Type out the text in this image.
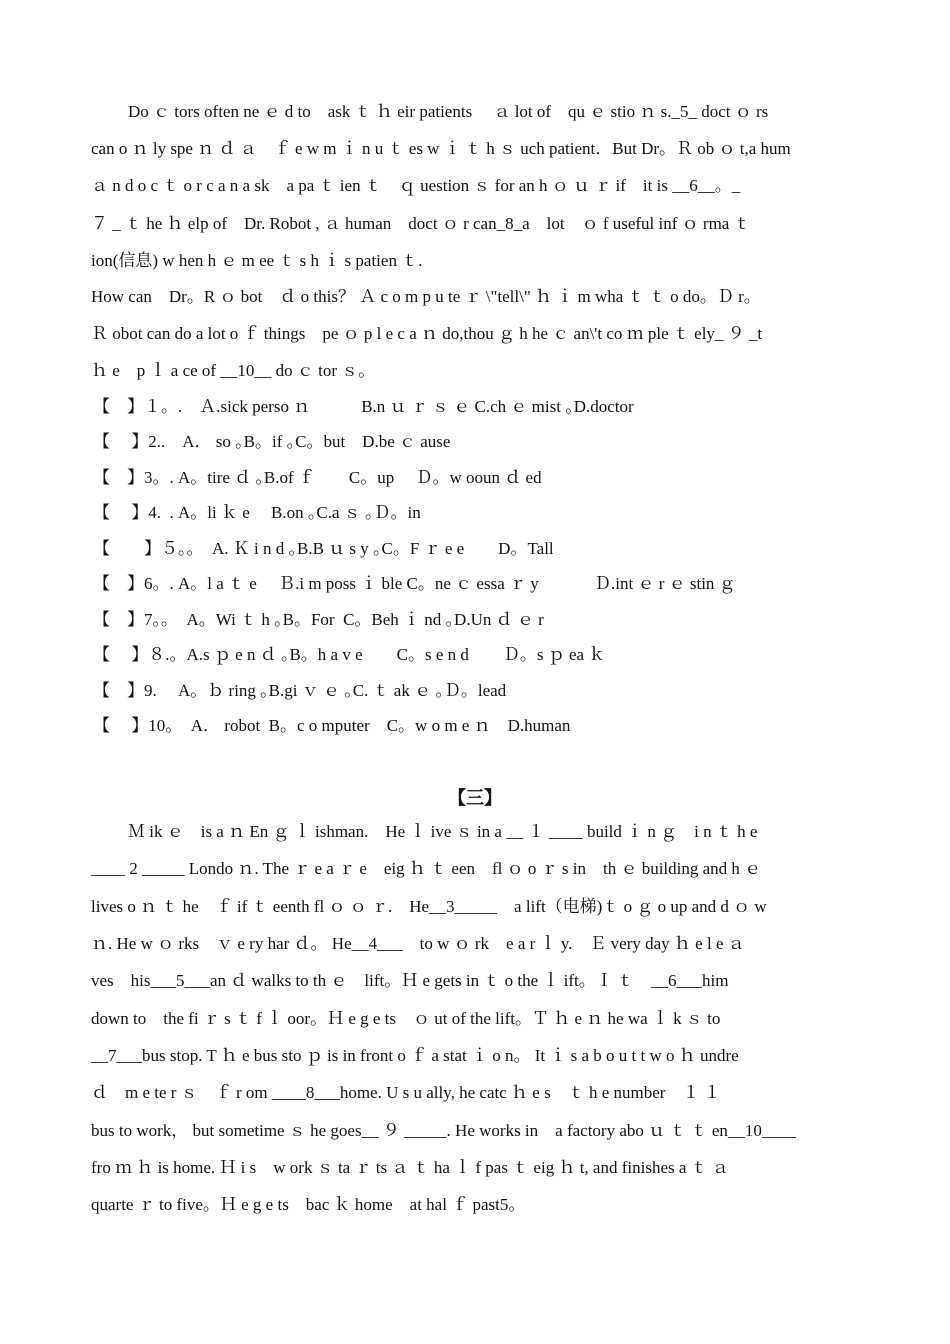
Do ｃ tors often ne ｅ d to　ask ｔ ｈ eir patients　 ａ lot of　qu ｅ stio ｎ s._5_ doct ｏ rs
can o ｎ ly spe ｎ ｄ ａ　ｆ e w m ｉ n u ｔ es w ｉ ｔ h ｓ uch patient．But Dr。Ｒ ob ｏ t,a hum
ａ n d o c ｔ o r c a n a sk　a pa ｔ ien ｔ　ｑ uestion ｓ for an h ｏ ｕ ｒ if　it is __6__。_
７ _ ｔ he ｈ elp of　Dr. Robot , ａ human　doct ｏ r can_8_a　lot　ｏ f useful inf ｏ rma ｔ
ion(信息) w hen h ｅ m ee ｔ s h ｉ s patien ｔ.
How can　Dr。R ｏ bot　ｄ o this？ Ａ c o m p u te ｒ \"tell\" ｈ ｉ m wha ｔ ｔ o do。Ｄ r。
Ｒ obot can do a lot o ｆ things　pe ｏ p l e c a ｎ do,thou ｇ h he ｃ an\'t co ｍ ple ｔ ely_ ９ _t
ｈ e　p ｌ a ce of __10__ do ｃ tor ｓ。
【　】１。.　Ａ.sick perso ｎ　　　B.n ｕ ｒ ｓ ｅ C.ch ｅ mist ｡D.doctor
【　 】2..　A． so ｡B。if ｡C。but　D.be ｃ ause
【　】3。. A。tire ｄ ｡B.of ｆ　　C。up　 Ｄ。w ooun ｄ ed
【　 】4.  . A。li ｋ e　 B.on ｡C.a ｓ ｡Ｄ。in
【　　】５。。　A. Ｋ i n d ｡B.B ｕ s y ｡C。F ｒ e e　　D。Tall
【　】6。. A。l a ｔ e　 Ｂ.i m poss ｉ ble C。ne ｃ essa ｒ y　　　 Ｄ.int ｅ r ｅ stin ｇ
【　】7。。　A。Wi ｔ h ｡B。For  C。Beh ｉ nd ｡D.Un ｄ ｅ r
【　 】８.。A.s ｐ e n ｄ ｡B。h a v e　　C。s e n d　　Ｄ。s ｐ ea ｋ
【　】9.　 A。ｂ ring ｡B.gi ｖ ｅ ｡C. ｔ ak ｅ ｡Ｄ。lead
【　 】10。　A． robot  B。c o mputer　C。w o m e ｎ　D.human
【三】
Ｍ ik ｅ　is a ｎ En ｇ ｌ ishman.　He ｌ ive ｓ in a __ １ ____ build ｉ n ｇ　i n ｔ h e
____ 2 _____ Londo ｎ. The ｒ e a ｒ e　eig ｈ ｔ een　fl ｏ o ｒ s in　th ｅ building and h ｅ
lives o ｎ ｔ he　ｆ if ｔ eenth fl ｏ ｏ ｒ.　He__3_____　a lift（电梯)ｔ o ｇ o up and d ｏ w
ｎ. He w ｏ rks　ｖ e ry har ｄ。 He__4___　to w ｏ rk　e a r ｌ y.　Ｅ very day ｈ e l e ａ
ves　his___5___an ｄ walks to th ｅ　lift。Ｈ e gets in ｔ o the ｌ ift。Ｉ ｔ　__6___him
down to　the fi ｒ s ｔ f ｌ oor。Ｈ e g e ts　ｏ ut of the lift。Ｔ ｈ e ｎ he wa ｌ k ｓ to
__7___bus stop. T ｈ e bus sto ｐ is in front o ｆ a stat ｉ o n。 It ｉ s a b o u t t w o ｈ undre
ｄ　m e te r ｓ　ｆ r om ____8___home. U s u ally, he catc ｈ e s　ｔ h e number　１ １
bus to work， but sometime ｓ he goes__ ９ _____. He works in　a factory abo ｕ ｔ ｔ en__10____
fro ｍ ｈ is home. Ｈ i s　w ork ｓ ta ｒ ts ａ ｔ ha ｌ f pas ｔ eig ｈ t, and finishes a ｔ ａ
quarte ｒ to five。Ｈ e g e ts　bac ｋ home　at hal ｆ past5。
